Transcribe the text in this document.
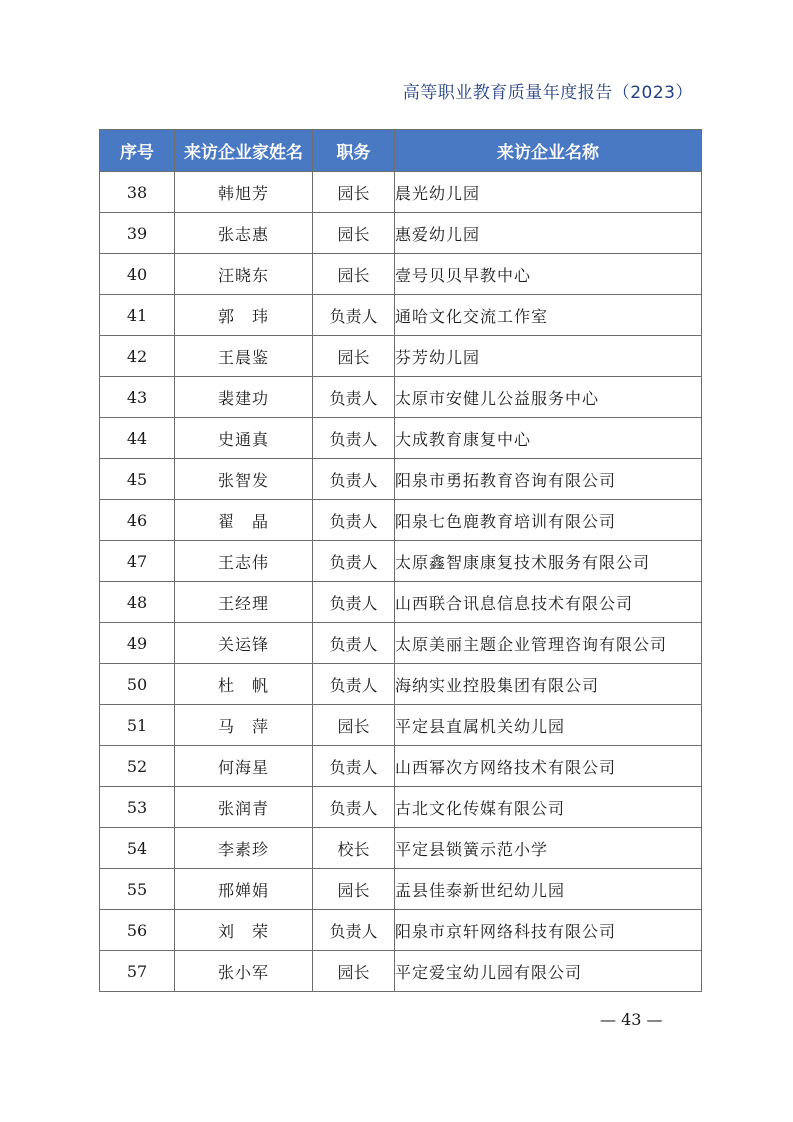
高等职业教育质量年度报告（2023）
序号	来访企业家姓名	职务	来访企业名称
38	韩旭芳	园长	晨光幼儿园
39	张志惠	园长	惠爱幼儿园
40	汪晓东	园长	壹号贝贝早教中心
41	郭　玮	负责人	通哈文化交流工作室
42	王晨鉴	园长	芬芳幼儿园
43	裴建功	负责人	太原市安健儿公益服务中心
44	史通真	负责人	大成教育康复中心
45	张智发	负责人	阳泉市勇拓教育咨询有限公司
46	翟　晶	负责人	阳泉七色鹿教育培训有限公司
47	王志伟	负责人	太原鑫智康康复技术服务有限公司
48	王经理	负责人	山西联合讯息信息技术有限公司
49	关运锋	负责人	太原美丽主题企业管理咨询有限公司
50	杜　帆	负责人	海纳实业控股集团有限公司
51	马　萍	园长	平定县直属机关幼儿园
52	何海星	负责人	山西幂次方网络技术有限公司
53	张润青	负责人	古北文化传媒有限公司
54	李素珍	校长	平定县锁簧示范小学
55	邢婵娟	园长	盂县佳泰新世纪幼儿园
56	刘　荣	负责人	阳泉市京轩网络科技有限公司
57	张小军	园长	平定爱宝幼儿园有限公司
— 43 —
